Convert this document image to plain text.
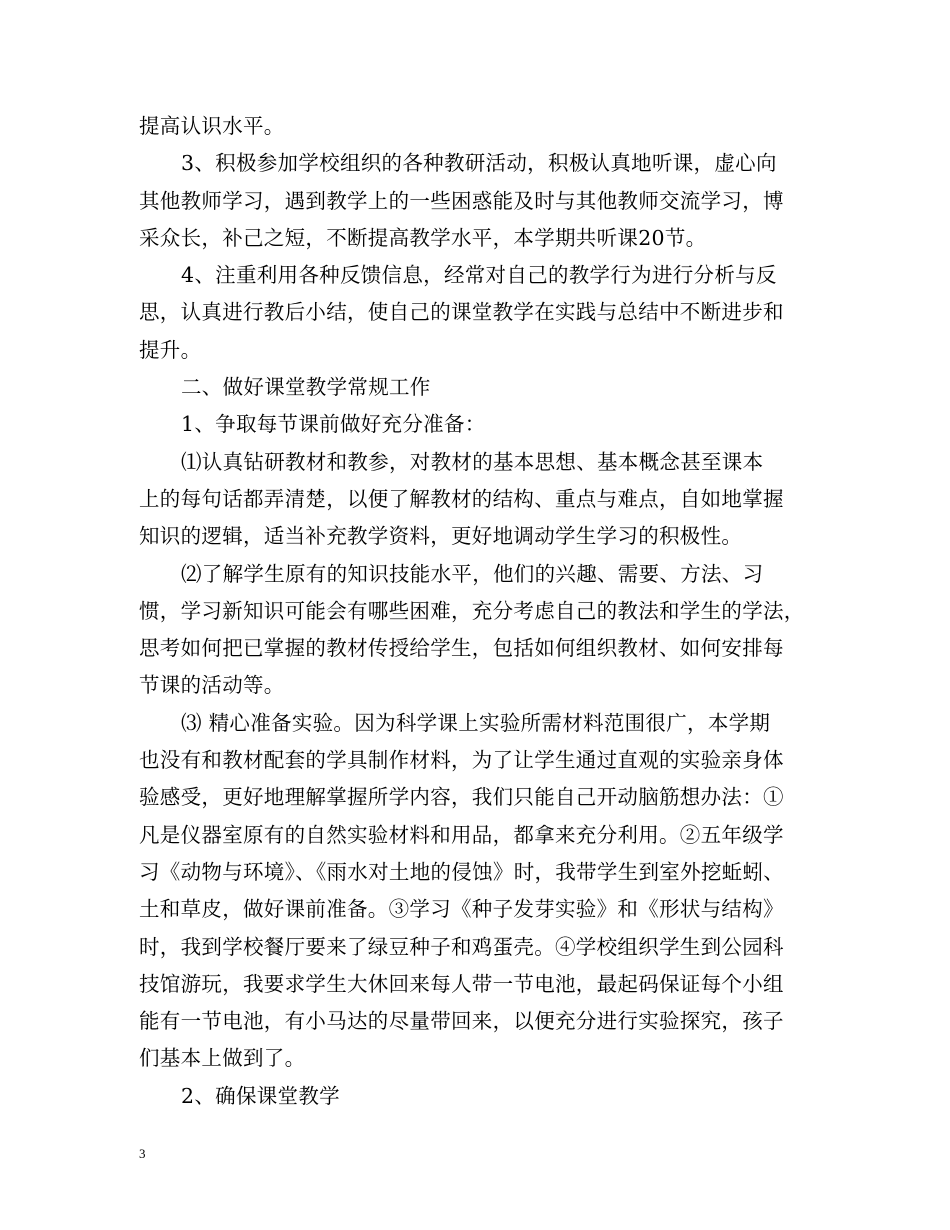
提高认识水平。
3、积极参加学校组织的各种教研活动，积极认真地听课，虚心向
其他教师学习，遇到教学上的一些困惑能及时与其他教师交流学习，博
采众长，补己之短，不断提高教学水平，本学期共听课20节。
4、注重利用各种反馈信息，经常对自己的教学行为进行分析与反
思，认真进行教后小结，使自己的课堂教学在实践与总结中不断进步和
提升。
二、做好课堂教学常规工作
1、争取每节课前做好充分准备：
⑴认真钻研教材和教参，对教材的基本思想、基本概念甚至课本
上的每句话都弄清楚，以便了解教材的结构、重点与难点，自如地掌握
知识的逻辑，适当补充教学资料，更好地调动学生学习的积极性。
⑵了解学生原有的知识技能水平，他们的兴趣、需要、方法、习
惯，学习新知识可能会有哪些困难，充分考虑自己的教法和学生的学法，
思考如何把已掌握的教材传授给学生，包括如何组织教材、如何安排每
节课的活动等。
⑶ 精心准备实验。因为科学课上实验所需材料范围很广，本学期
也没有和教材配套的学具制作材料，为了让学生通过直观的实验亲身体
验感受，更好地理解掌握所学内容，我们只能自己开动脑筋想办法：①
凡是仪器室原有的自然实验材料和用品，都拿来充分利用。②五年级学
习《动物与环境》、《雨水对土地的侵蚀》时，我带学生到室外挖蚯蚓、
土和草皮，做好课前准备。③学习《种子发芽实验》和《形状与结构》
时，我到学校餐厅要来了绿豆种子和鸡蛋壳。④学校组织学生到公园科
技馆游玩，我要求学生大休回来每人带一节电池，最起码保证每个小组
能有一节电池，有小马达的尽量带回来，以便充分进行实验探究，孩子
们基本上做到了。
2、确保课堂教学
3
